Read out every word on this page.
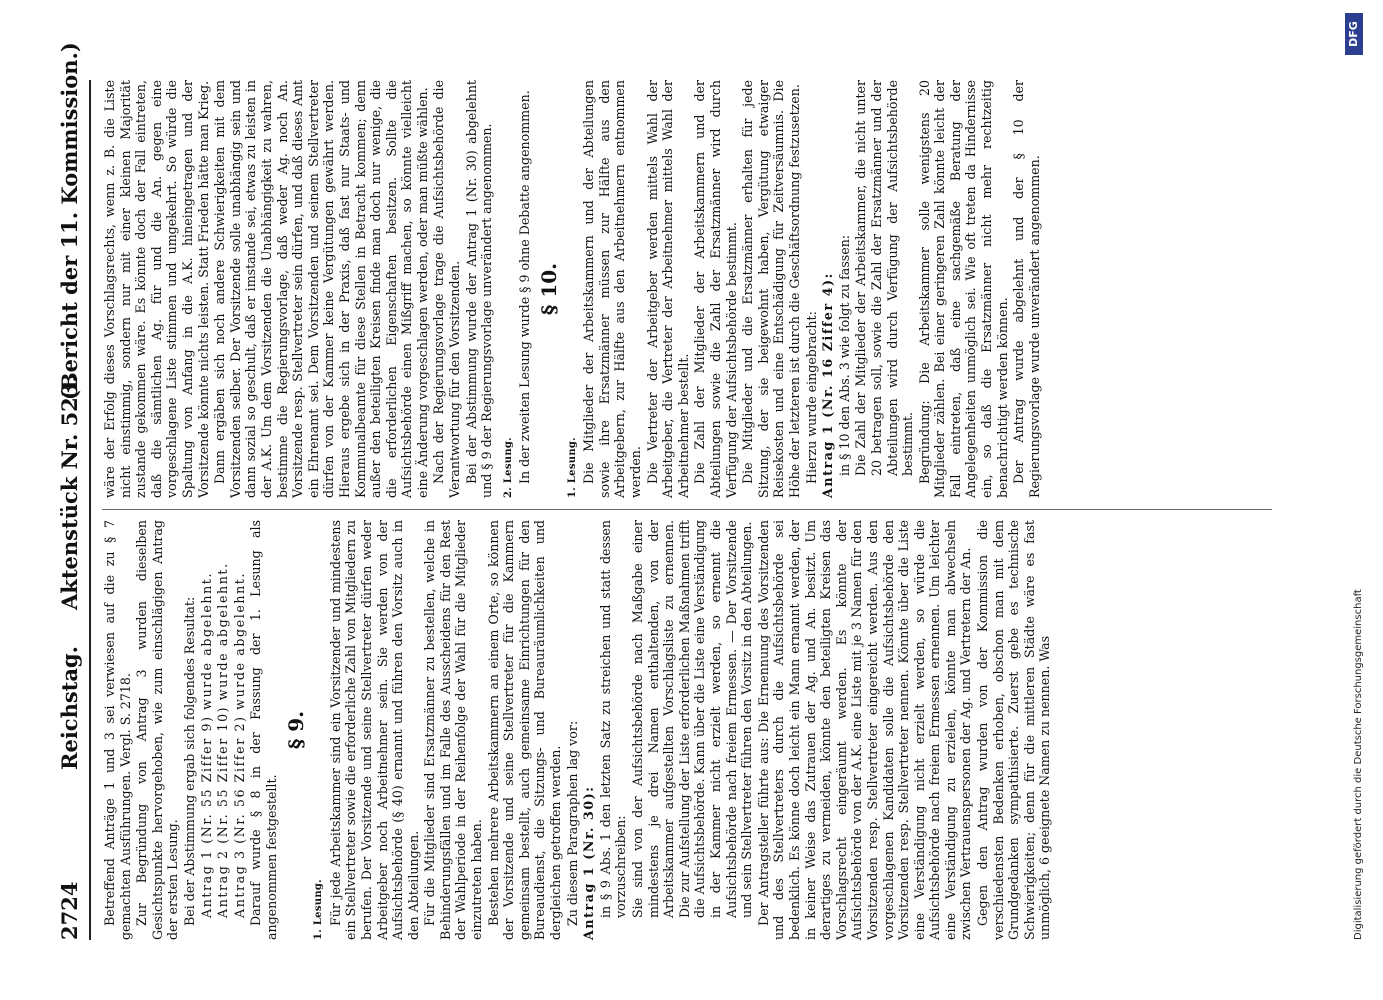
2724
Reichstag.
Aktenstück Nr. 523.
(Bericht der 11. Kommission.)

Betreffend Anträge 1 und 3 sei verwiesen auf die zu § 7 gemachten Ausführungen. Vergl. S. 2718. Zur Begründung von Antrag 3 wurden dieselben Gesichtspunkte hervorgehoben, wie zum einschlägigen Antrag der ersten Lesung. Bei der Abstimmung ergab sich folgendes Resultat: Antrag 1 (Nr. 55 Ziffer 9) wurde abgelehnt. Antrag 2 (Nr. 55 Ziffer 10) wurde abgelehnt. Antrag 3 (Nr. 56 Ziffer 2) wurde abgelehnt. Darauf wurde § 8 in der Fassung der 1. Lesung als angenommen festgestellt.

§ 9.

1. Lesung. Für jede Arbeitskammer sind ein Vorsitzender und mindestens ein Stellvertreter sowie die erforderliche Zahl von Mitgliedern zu berufen. Der Vorsitzende und seine Stellvertreter dürfen weder Arbeitgeber noch Arbeitnehmer sein. Sie werden von der Aufsichtsbehörde (§ 40) ernannt und führen den Vorsitz auch in den Abteilungen. Für die Mitglieder sind Ersatzmänner zu bestellen, welche in Behinderungsfällen und im Falle des Ausscheidens für den Rest der Wahlperiode in der Reihenfolge der Wahl für die Mitglieder einzutreten haben. Bestehen mehrere Arbeitskammern an einem Orte, so können der Vorsitzende und seine Stellvertreter für die Kammern gemeinsam bestellt, auch gemeinsame Einrichtungen für den Bureaudienst, die Sitzungs- und Bureauräumlichkeiten und dergleichen getroffen werden. Zu diesem Paragraphen lag vor: Antrag 1 (Nr. 30): in § 9 Abs. 1 den letzten Satz zu streichen und statt dessen vorzuschreiben: Sie sind von der Aufsichtsbehörde nach Maßgabe einer mindestens je drei Namen enthaltenden, von der Arbeitskammer aufgestellten Vorschlagsliste zu ernennen. Die zur Aufstellung der Liste erforderlichen Maßnahmen trifft die Aufsichtsbehörde. Kann über die Liste eine Verständigung in der Kammer nicht erzielt werden, so ernennt die Aufsichtsbehörde nach freiem Ermessen. — Der Vorsitzende und sein Stellvertreter führen den Vorsitz in den Abteilungen. Der Antragsteller führte aus: Die Ernennung des Vorsitzenden und des Stellvertreters durch die Aufsichtsbehörde sei bedenklich. Es könne doch leicht ein Mann ernannt werden, der in keiner Weise das Zutrauen der Ag. und An. besitzt. Um derartiges zu vermeiden, könnte den beteiligten Kreisen das Vorschlagsrecht eingeräumt werden. Es könnte der Aufsichtsbehörde von der A.K. eine Liste mit je 3 Namen für den Vorsitzenden resp. Stellvertreter eingereicht werden. Aus den vorgeschlagenen Kandidaten solle die Aufsichtsbehörde den Vorsitzenden resp. Stellvertreter nennen. Könnte über die Liste eine Verständigung nicht erzielt werden, so würde die Aufsichtsbehörde nach freiem Ermessen ernennen. Um leichter eine Verständigung zu erzielen, könnte man abwechseln zwischen Vertrauenspersonen der Ag. und Vertretern der An. Gegen den Antrag wurden von der Kommission die verschiedensten Bedenken erhoben, obschon man mit dem Grundgedanken sympathisierte. Zuerst gebe es technische Schwierigkeiten; denn für die mittleren Städte wäre es fast unmöglich, 6 geeignete Namen zu nennen. Was

wäre der Erfolg dieses Vorschlagsrechts, wenn z. B. die Liste nicht einstimmig, sondern nur mit einer kleinen Majorität zustande gekommen wäre. Es könnte doch der Fall eintreten, daß die sämtlichen Ag. für und die An. gegen eine vorgeschlagene Liste stimmen und umgekehrt. So würde die Spaltung von Anfang in die A.K. hineingetragen und der Vorsitzende könnte nichts leisten. Statt Frieden hätte man Krieg. Dann ergäben sich noch andere Schwierigkeiten mit dem Vorsitzenden selber. Der Vorsitzende solle unabhängig sein und dann sozial so geschult, daß er imstande sei, etwas zu leisten in der A.K. Um dem Vorsitzenden die Unabhängigkeit zu wahren, bestimme die Regierungsvorlage, daß weder Ag. noch An. Vorsitzende resp. Stellvertreter sein dürfen, und daß dieses Amt ein Ehrenamt sei. Dem Vorsitzenden und seinem Stellvertreter dürfen von der Kammer keine Vergütungen gewährt werden. Hieraus ergebe sich in der Praxis, daß fast nur Staats- und Kommunalbeamte für diese Stellen in Betracht kommen; denn außer den beteiligten Kreisen finde man doch nur wenige, die die erforderlichen Eigenschaften besitzen. Sollte die Aufsichtsbehörde einen Mißgriff machen, so könnte vielleicht eine Änderung vorgeschlagen werden, oder man müßte wählen. Nach der Regierungsvorlage trage die Aufsichtsbehörde die Verantwortung für den Vorsitzenden. Bei der Abstimmung wurde der Antrag 1 (Nr. 30) abgelehnt und § 9 der Regierungsvorlage unverändert angenommen. 2. Lesung. In der zweiten Lesung wurde § 9 ohne Debatte angenommen. § 10.

1. Lesung. Die Mitglieder der Arbeitskammern und der Abteilungen sowie ihre Ersatzmänner müssen zur Hälfte aus den Arbeitgebern, zur Hälfte aus den Arbeitnehmern entnommen werden. Die Vertreter der Arbeitgeber werden mittels Wahl der Arbeitgeber, die Vertreter der Arbeitnehmer mittels Wahl der Arbeitnehmer bestellt. Die Zahl der Mitglieder der Arbeitskammern und der Abteilungen sowie die Zahl der Ersatzmänner wird durch Verfügung der Aufsichtsbehörde bestimmt. Die Mitglieder und die Ersatzmänner erhalten für jede Sitzung, der sie beigewohnt haben, Vergütung etwaiger Reisekosten und eine Entschädigung für Zeitversäumnis. Die Höhe der letzteren ist durch die Geschäftsordnung festzusetzen. Hierzu wurde eingebracht: Antrag 1 (Nr. 16 Ziffer 4): in § 10 den Abs. 3 wie folgt zu fassen: Die Zahl der Mitglieder der Arbeitskammer, die nicht unter 20 betragen soll, sowie die Zahl der Ersatzmänner und der Abteilungen wird durch Verfügung der Aufsichtsbehörde bestimmt. Begründung: Die Arbeitskammer solle wenigstens 20 Mitglieder zählen. Bei einer geringeren Zahl könnte leicht der Fall eintreten, daß eine sachgemäße Beratung der Angelegenheiten unmöglich sei. Wie oft treten da Hindernisse ein, so daß die Ersatzmänner nicht mehr rechtzeitig benachrichtigt werden können. Der Antrag wurde abgelehnt und der § 10 der Regierungsvorlage wurde unverändert angenommen.

Digitalisierung gefördert durch die Deutsche Forschungsgemeinschaft
DFG
